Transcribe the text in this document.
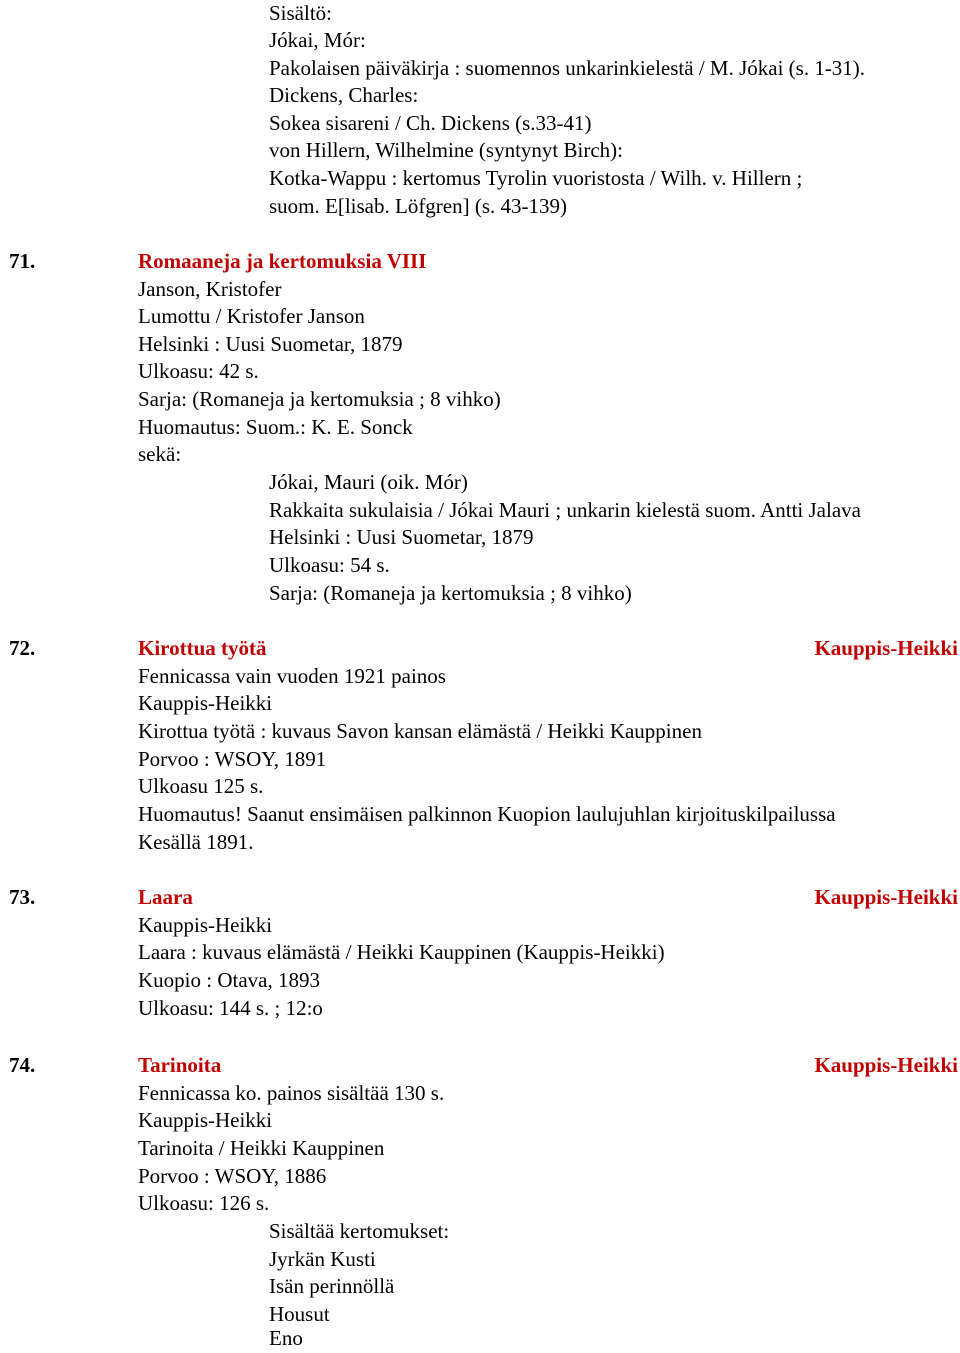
Sisältö:
Jókai, Mór:
Pakolaisen päiväkirja : suomennos unkarinkielestä / M. Jókai (s. 1-31).
Dickens, Charles:
Sokea sisareni / Ch. Dickens (s.33-41)
von Hillern, Wilhelmine (syntynyt Birch):
Kotka-Wappu : kertomus Tyrolin vuoristosta / Wilh. v. Hillern ;
suom. E[lisab. Löfgren] (s. 43-139)
71.	Romaaneja ja kertomuksia VIII
Janson, Kristofer
Lumottu / Kristofer Janson
Helsinki : Uusi Suometar, 1879
Ulkoasu: 42 s.
Sarja: (Romaneja ja kertomuksia ; 8 vihko)
Huomautus: Suom.: K. E. Sonck
sekä:
Jókai, Mauri (oik. Mór)
Rakkaita sukulaisia / Jókai Mauri ; unkarin kielestä suom. Antti Jalava
Helsinki : Uusi Suometar, 1879
Ulkoasu: 54 s.
Sarja: (Romaneja ja kertomuksia ; 8 vihko)
72.	Kirottua työtä	Kauppis-Heikki
Fennicassa vain vuoden 1921 painos
Kauppis-Heikki
Kirottua työtä : kuvaus Savon kansan elämästä / Heikki Kauppinen
Porvoo : WSOY, 1891
Ulkoasu 125 s.
Huomautus! Saanut ensimäisen palkinnon Kuopion laulujuhlan kirjoituskilpailussa
Kesällä 1891.
73.	Laara	Kauppis-Heikki
Kauppis-Heikki
Laara : kuvaus elämästä / Heikki Kauppinen (Kauppis-Heikki)
Kuopio : Otava, 1893
Ulkoasu: 144 s. ; 12:o
74.	Tarinoita	Kauppis-Heikki
Fennicassa ko. painos sisältää 130 s.
Kauppis-Heikki
Tarinoita / Heikki Kauppinen
Porvoo : WSOY, 1886
Ulkoasu: 126 s.
Sisältää kertomukset:
Jyrkän Kusti
Isän perinnöllä
Housut
Eno
